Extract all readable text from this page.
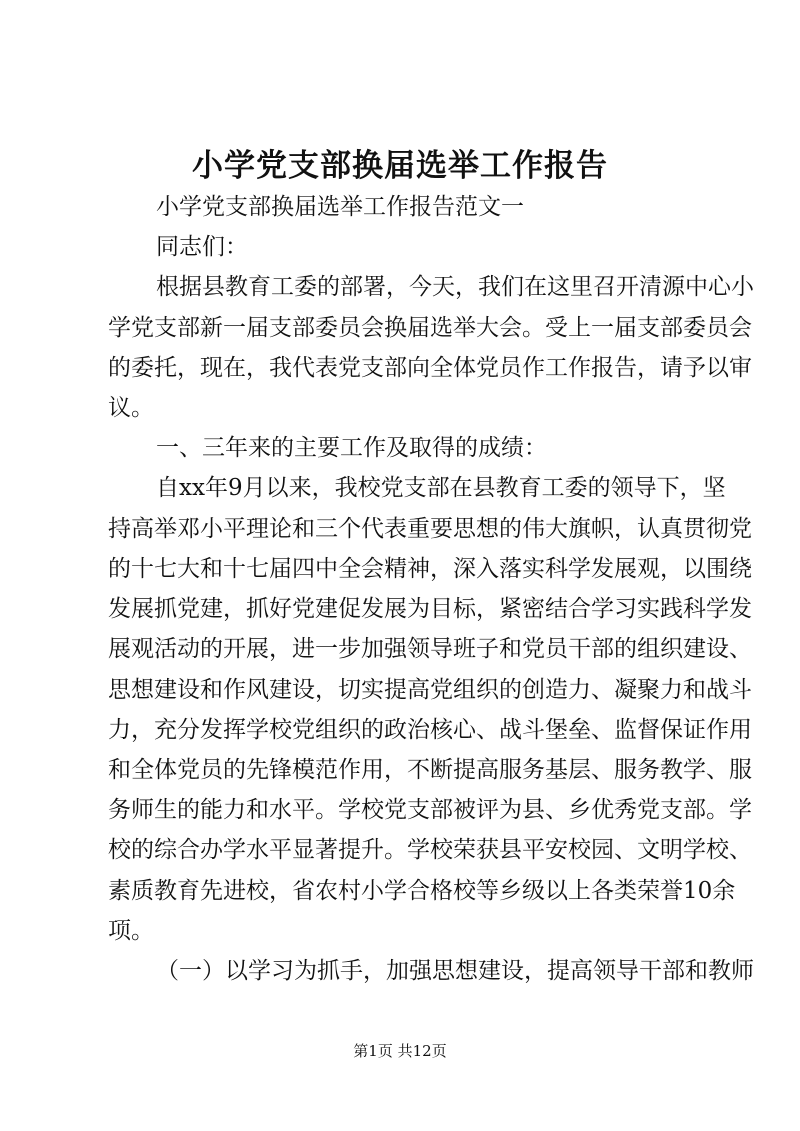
小学党支部换届选举工作报告
小学党支部换届选举工作报告范文一
同志们：
根据县教育工委的部署，今天，我们在这里召开清源中心小
学党支部新一届支部委员会换届选举大会。受上一届支部委员会
的委托，现在，我代表党支部向全体党员作工作报告，请予以审
议。
一、三年来的主要工作及取得的成绩：
自xx年9月以来，我校党支部在县教育工委的领导下，坚
持高举邓小平理论和三个代表重要思想的伟大旗帜，认真贯彻党
的十七大和十七届四中全会精神，深入落实科学发展观，以围绕
发展抓党建，抓好党建促发展为目标，紧密结合学习实践科学发
展观活动的开展，进一步加强领导班子和党员干部的组织建设、
思想建设和作风建设，切实提高党组织的创造力、凝聚力和战斗
力，充分发挥学校党组织的政治核心、战斗堡垒、监督保证作用
和全体党员的先锋模范作用，不断提高服务基层、服务教学、服
务师生的能力和水平。学校党支部被评为县、乡优秀党支部。学
校的综合办学水平显著提升。学校荣获县平安校园、文明学校、
素质教育先进校，省农村小学合格校等乡级以上各类荣誉10余
项。
（一）以学习为抓手，加强思想建设，提高领导干部和教师
第1页 共12页
